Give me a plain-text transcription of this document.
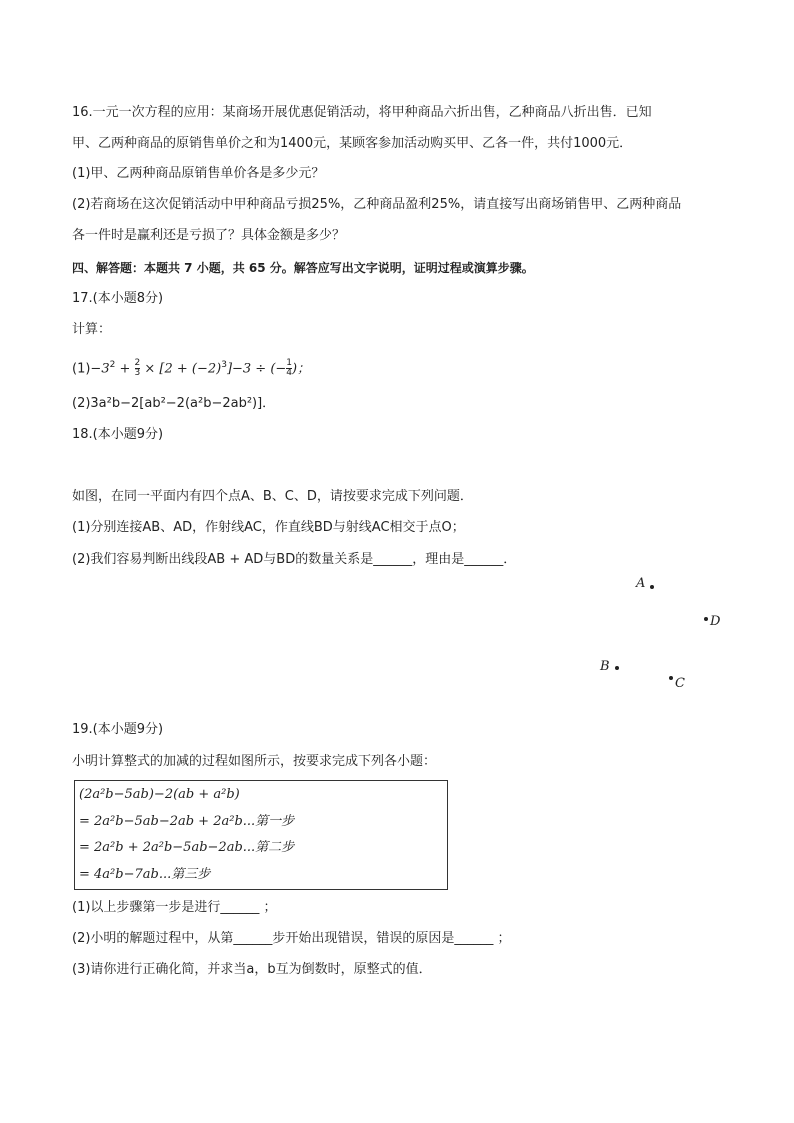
16.一元一次方程的应用：某商场开展优惠促销活动，将甲种商品六折出售，乙种商品八折出售．已知
甲、乙两种商品的原销售单价之和为1400元，某顾客参加活动购买甲、乙各一件，共付1000元．
(1)甲、乙两种商品原销售单价各是多少元？
(2)若商场在这次促销活动中甲种商品亏损25%，乙种商品盈利25%，请直接写出商场销售甲、乙两种商品
各一件时是赢利还是亏损了？具体金额是多少？
四、解答题：本题共 7 小题，共 65 分。解答应写出文字说明，证明过程或演算步骤。
17.(本小题8分)
计算：
$(1)-3^2 + \frac{2}{3} \times [2 + (-2)^3]-3$ ÷ (− $\frac{1}{4}$ )；
(2)3a²b−2[ab²−2(a²b−2ab²)]．
18.(本小题9分)
如图，在同一平面内有四个点A、B、C、D，请按要求完成下列问题．
(1)分别连接AB、AD，作射线AC，作直线BD与射线AC相交于点O；
(2)我们容易判断出线段AB + AD与BD的数量关系是______，理由是______．
A
D
B
C
19.(本小题9分)
小明计算整式的加减的过程如图所示，按要求完成下列各小题：
(2a²b−5ab)−2(ab + a²b)
= 2a²b−5ab−2ab + 2a²b...第一步
= 2a²b + 2a²b−5ab−2ab...第二步
= 4a²b−7ab...第三步
(1)以上步骤第一步是进行______ ；
(2)小明的解题过程中，从第______步开始出现错误，错误的原因是______ ；
(3)请你进行正确化简，并求当a，b互为倒数时，原整式的值．
